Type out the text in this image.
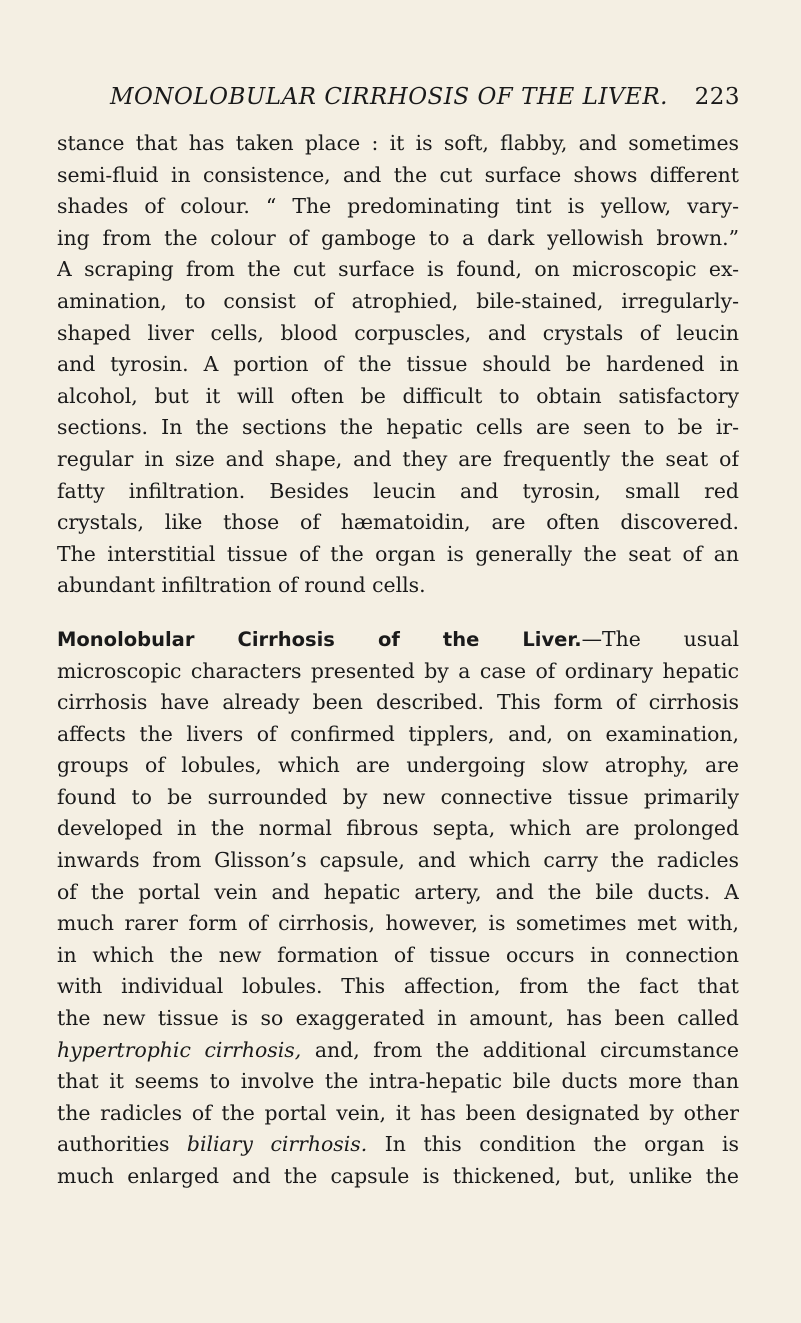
MONOLOBULAR CIRRHOSIS OF THE LIVER. 223
stance that has taken place : it is soft, flabby, and sometimes
semi-fluid in consistence, and the cut surface shows different
shades of colour. “ The predominating tint is yellow, vary-
ing from the colour of gamboge to a dark yellowish brown.”
A scraping from the cut surface is found, on microscopic ex-
amination, to consist of atrophied, bile-stained, irregularly-
shaped liver cells, blood corpuscles, and crystals of leucin
and tyrosin. A portion of the tissue should be hardened in
alcohol, but it will often be difficult to obtain satisfactory
sections. In the sections the hepatic cells are seen to be ir-
regular in size and shape, and they are frequently the seat of
fatty infiltration. Besides leucin and tyrosin, small red
crystals, like those of hæmatoidin, are often discovered.
The interstitial tissue of the organ is generally the seat of an
abundant infiltration of round cells.
Monolobular Cirrhosis of the Liver.—The usual
microscopic characters presented by a case of ordinary hepatic
cirrhosis have already been described. This form of cirrhosis
affects the livers of confirmed tipplers, and, on examination,
groups of lobules, which are undergoing slow atrophy, are
found to be surrounded by new connective tissue primarily
developed in the normal fibrous septa, which are prolonged
inwards from Glisson’s capsule, and which carry the radicles
of the portal vein and hepatic artery, and the bile ducts. A
much rarer form of cirrhosis, however, is sometimes met with,
in which the new formation of tissue occurs in connection
with individual lobules. This affection, from the fact that
the new tissue is so exaggerated in amount, has been called
hypertrophic cirrhosis, and, from the additional circumstance
that it seems to involve the intra-hepatic bile ducts more than
the radicles of the portal vein, it has been designated by other
authorities biliary cirrhosis. In this condition the organ is
much enlarged and the capsule is thickened, but, unlike the
